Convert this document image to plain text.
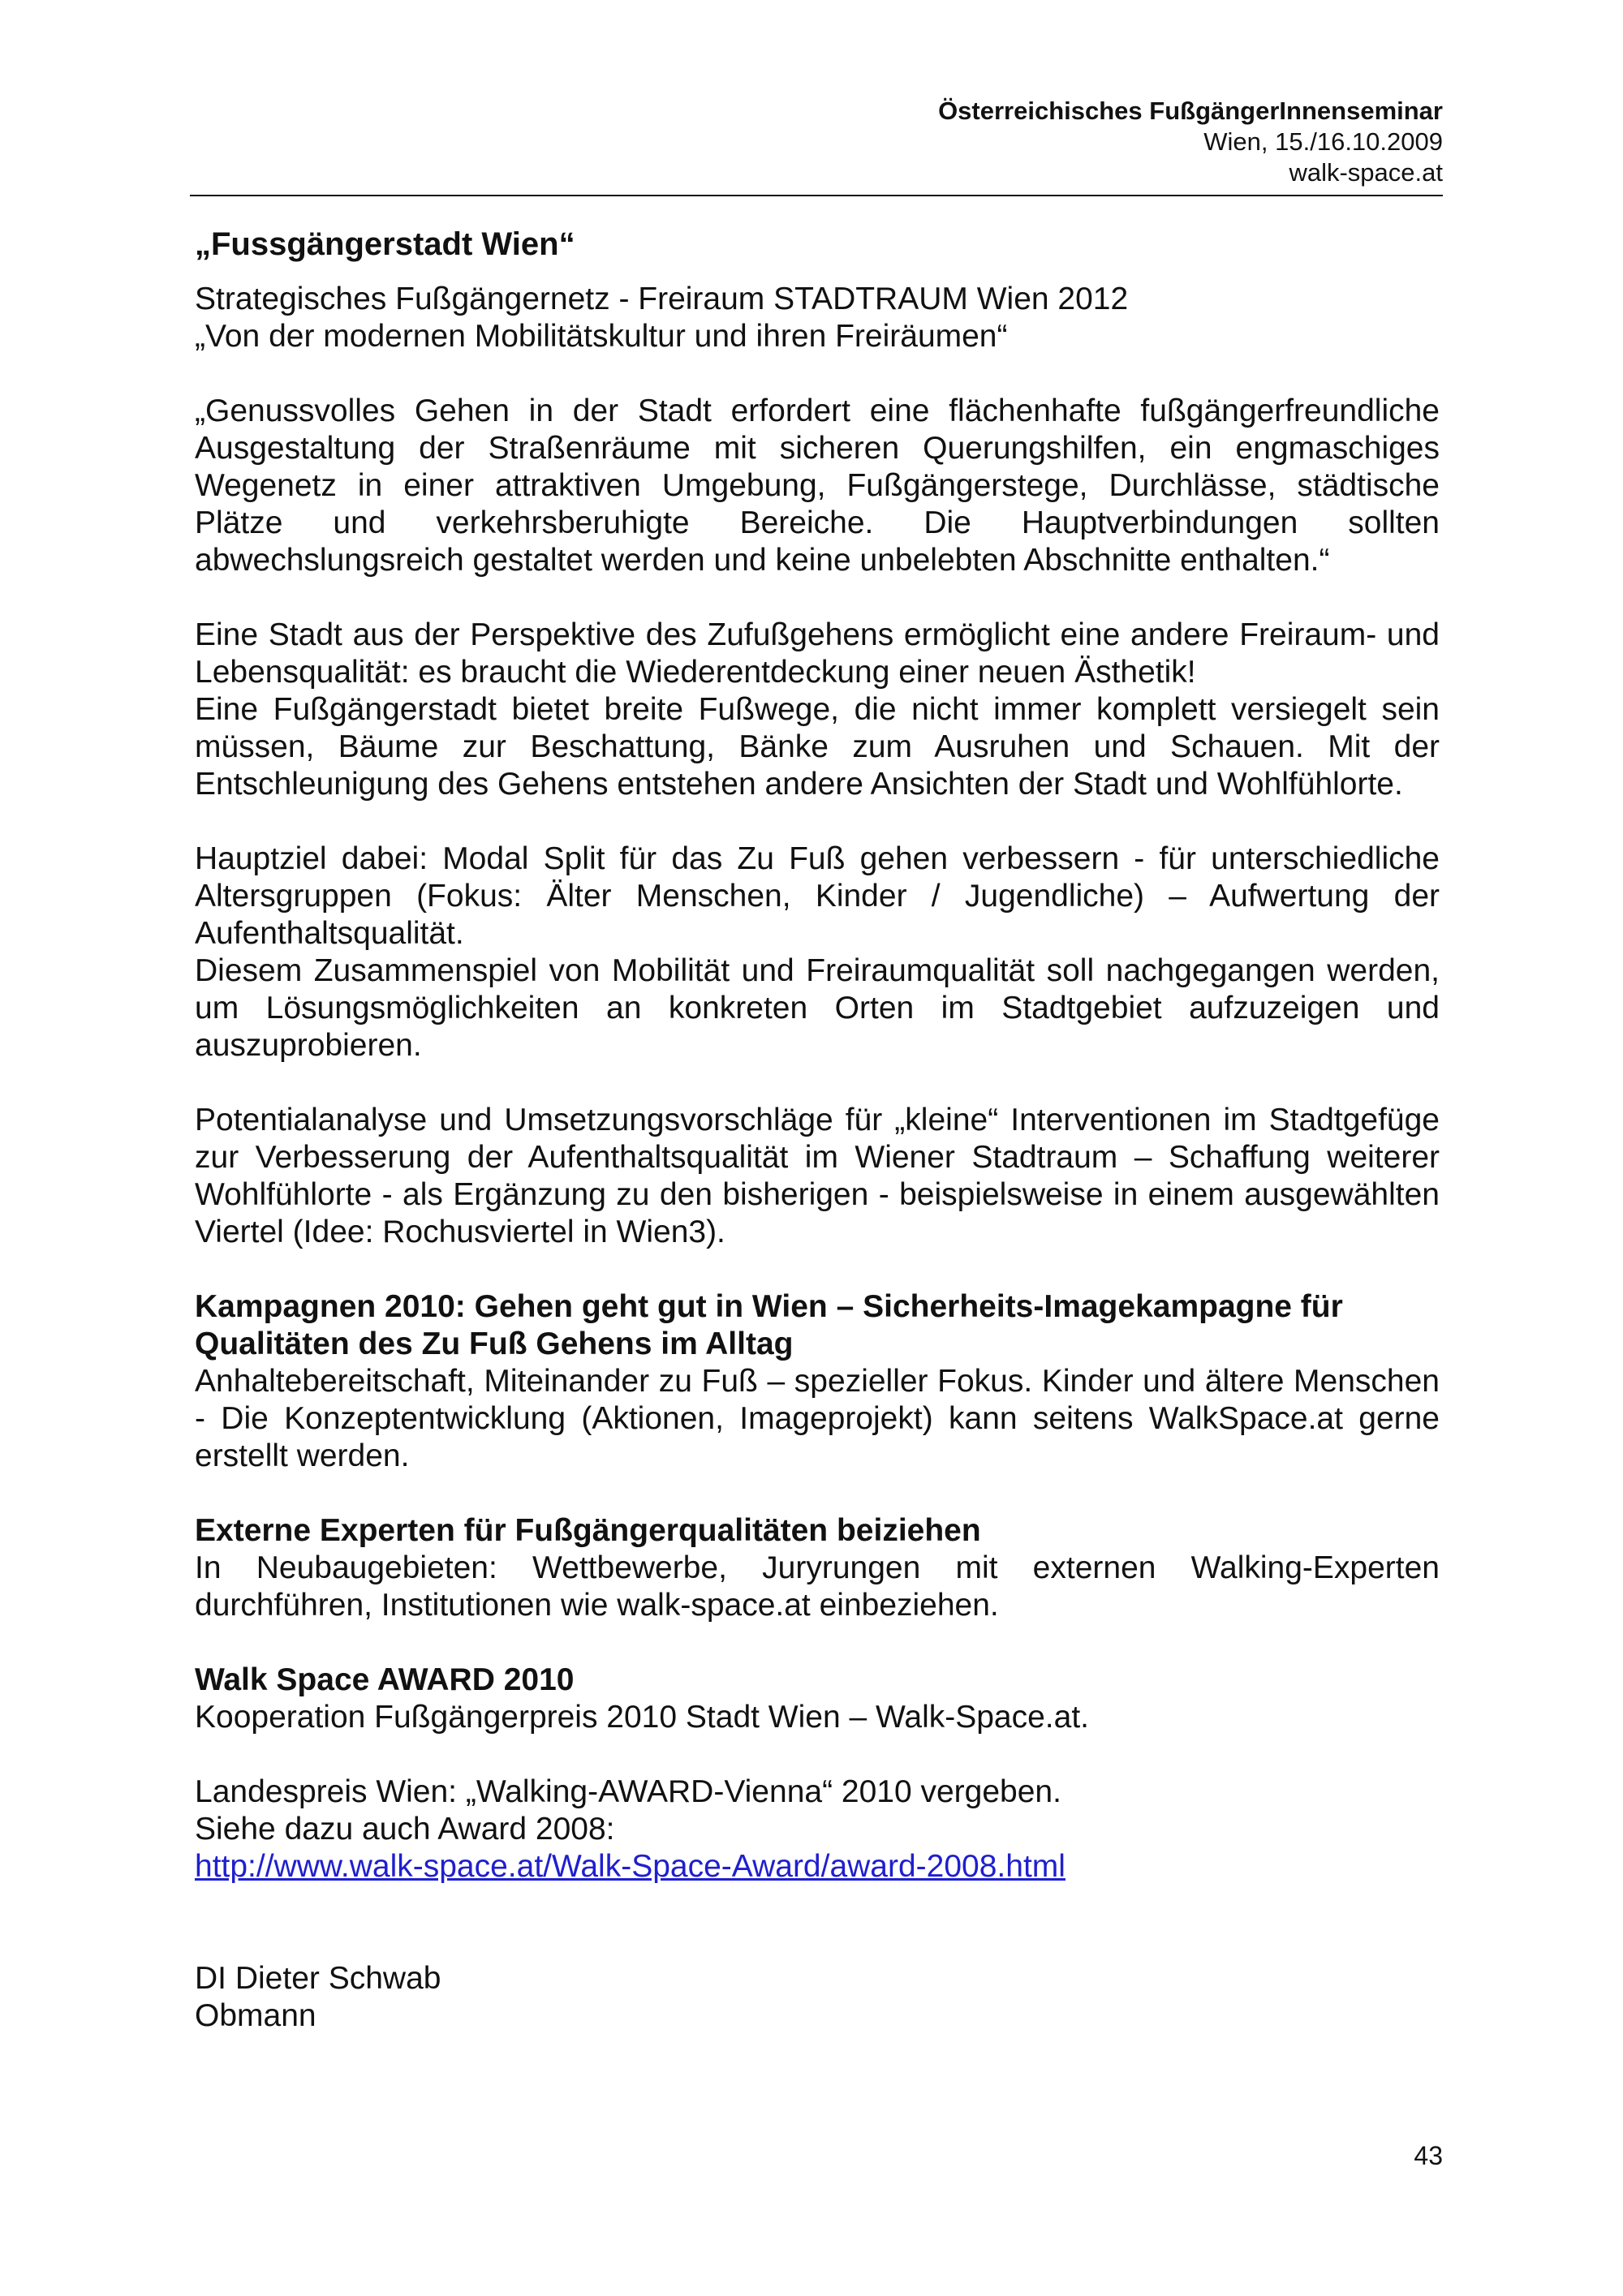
Österreichisches FußgängerInnenseminar
Wien, 15./16.10.2009
walk-space.at

„Fussgängerstadt Wien“

Strategisches Fußgängernetz - Freiraum STADTRAUM Wien 2012

„Von der modernen Mobilitätskultur und ihren Freiräumen“

„Genussvolles Gehen in der Stadt erfordert eine flächenhafte fußgängerfreundliche Ausgestaltung der Straßenräume mit sicheren Querungshilfen, ein engmaschiges Wegenetz in einer attraktiven Umgebung, Fußgängerstege, Durchlässe, städtische Plätze und verkehrsberuhigte Bereiche. Die Hauptverbindungen sollten abwechslungsreich gestaltet werden und keine unbelebten Abschnitte enthalten.“

Eine Stadt aus der Perspektive des Zufußgehens ermöglicht eine andere Freiraum- und Lebensqualität: es braucht die Wiederentdeckung einer neuen Ästhetik!

Eine Fußgängerstadt bietet breite Fußwege, die nicht immer komplett versiegelt sein müssen, Bäume zur Beschattung, Bänke zum Ausruhen und Schauen. Mit der Entschleunigung des Gehens entstehen andere Ansichten der Stadt und Wohlfühlorte.

Hauptziel dabei: Modal Split für das Zu Fuß gehen verbessern - für unterschiedliche Altersgruppen (Fokus: Älter Menschen, Kinder / Jugendliche) – Aufwertung der Aufenthaltsqualität.

Diesem Zusammenspiel von Mobilität und Freiraumqualität soll nachgegangen werden, um Lösungsmöglichkeiten an konkreten Orten im Stadtgebiet aufzuzeigen und auszuprobieren.

Potentialanalyse und Umsetzungsvorschläge für „kleine“ Interventionen im Stadtgefüge zur Verbesserung der Aufenthaltsqualität im Wiener Stadtraum – Schaffung weiterer Wohlfühlorte - als Ergänzung zu den bisherigen - beispielsweise in einem ausgewählten Viertel (Idee: Rochusviertel in Wien3).

Kampagnen 2010: Gehen geht gut in Wien – Sicherheits-Imagekampagne für Qualitäten des Zu Fuß Gehens im Alltag

Anhaltebereitschaft, Miteinander zu Fuß – spezieller Fokus. Kinder und ältere Menschen - Die Konzeptentwicklung (Aktionen, Imageprojekt) kann seitens WalkSpace.at gerne erstellt werden.

Externe Experten für Fußgängerqualitäten beiziehen

In Neubaugebieten: Wettbewerbe, Juryrungen mit externen Walking-Experten durchführen, Institutionen wie walk-space.at einbeziehen.

Walk Space AWARD 2010

Kooperation Fußgängerpreis 2010 Stadt Wien – Walk-Space.at.

Landespreis Wien: „Walking-AWARD-Vienna“ 2010 vergeben.

Siehe dazu auch Award 2008:

http://www.walk-space.at/Walk-Space-Award/award-2008.html

DI Dieter Schwab

Obmann

43
